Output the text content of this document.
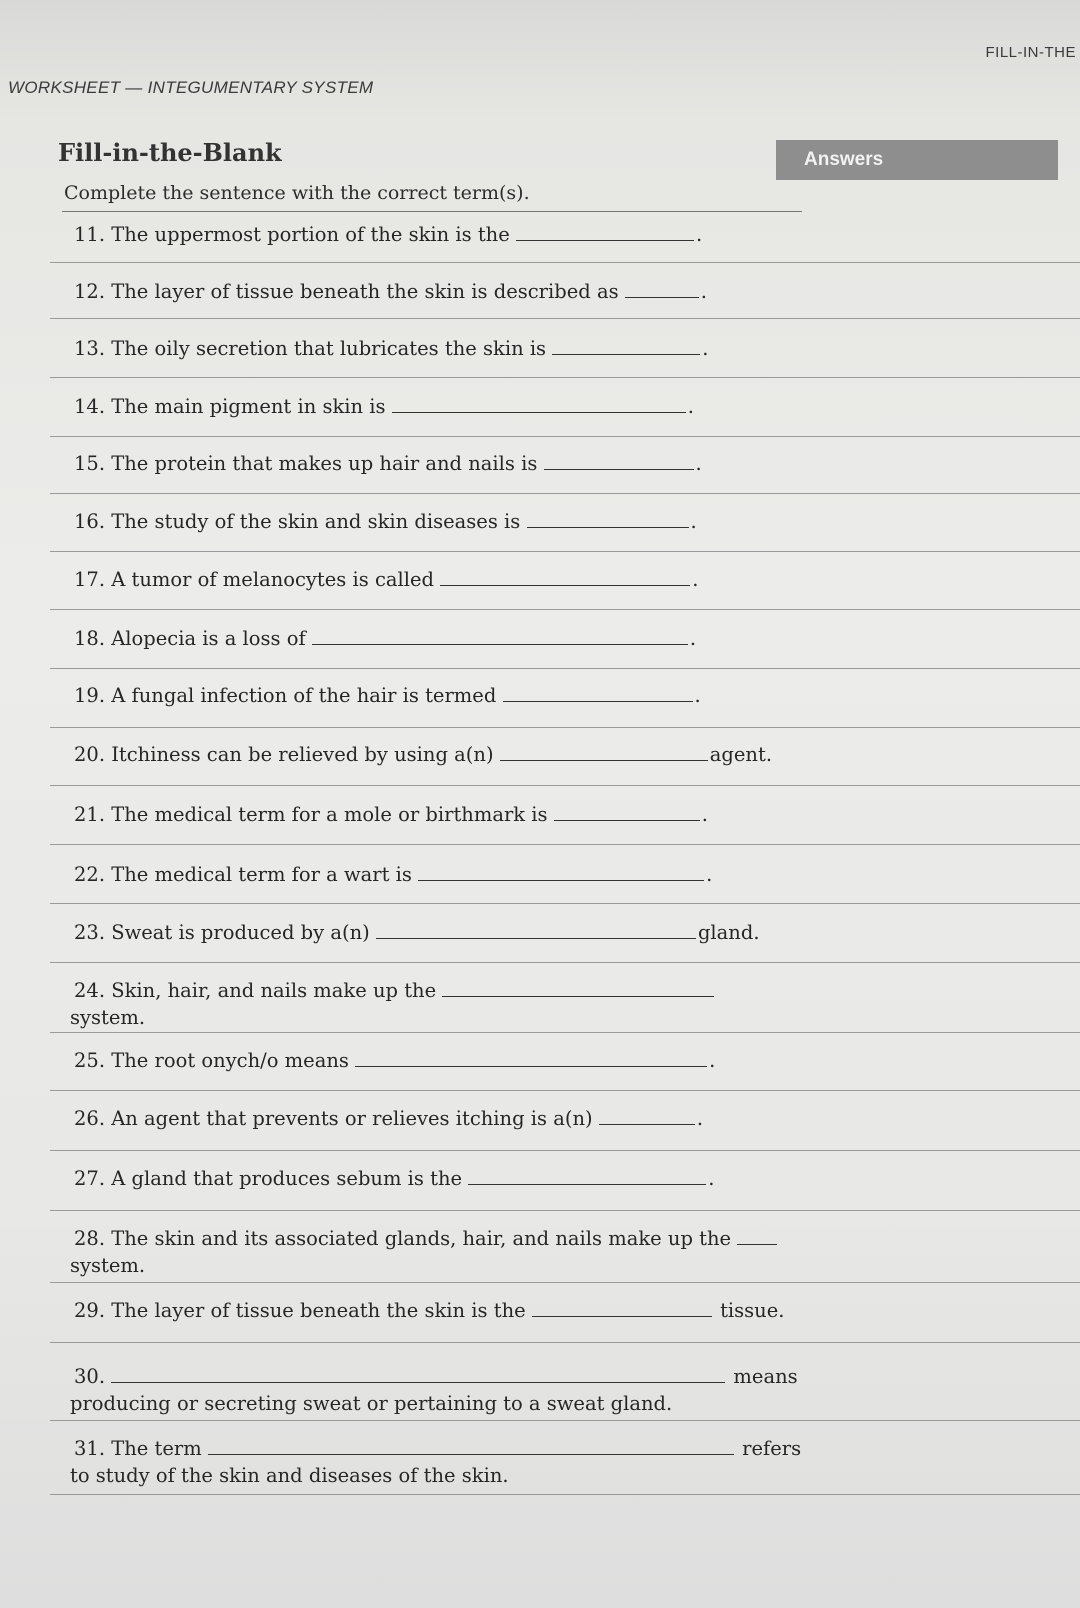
WORKSHEET — INTEGUMENTARY SYSTEM
FILL-IN-THE
Fill-in-the-Blank
Complete the sentence with the correct term(s).
Answers
11. The uppermost portion of the skin is the	.
12. The layer of tissue beneath the skin is described as	.
13. The oily secretion that lubricates the skin is	.
14. The main pigment in skin is	.
15. The protein that makes up hair and nails is	.
16. The study of the skin and skin diseases is	.
17. A tumor of melanocytes is called	.
18. Alopecia is a loss of	.
19. A fungal infection of the hair is termed	.
20. Itchiness can be relieved by using a(n)	agent.
21. The medical term for a mole or birthmark is	.
22. The medical term for a wart is	.
23. Sweat is produced by a(n)	gland.
24. Skin, hair, and nails make up the
system.
25. The root onych/o means	.
26. An agent that prevents or relieves itching is a(n)	.
27. A gland that produces sebum is the	.
28. The skin and its associated glands, hair, and nails make up the
system.
29. The layer of tissue beneath the skin is the	tissue.
30.	means
producing or secreting sweat or pertaining to a sweat gland.
31. The term	refers
to study of the skin and diseases of the skin.
